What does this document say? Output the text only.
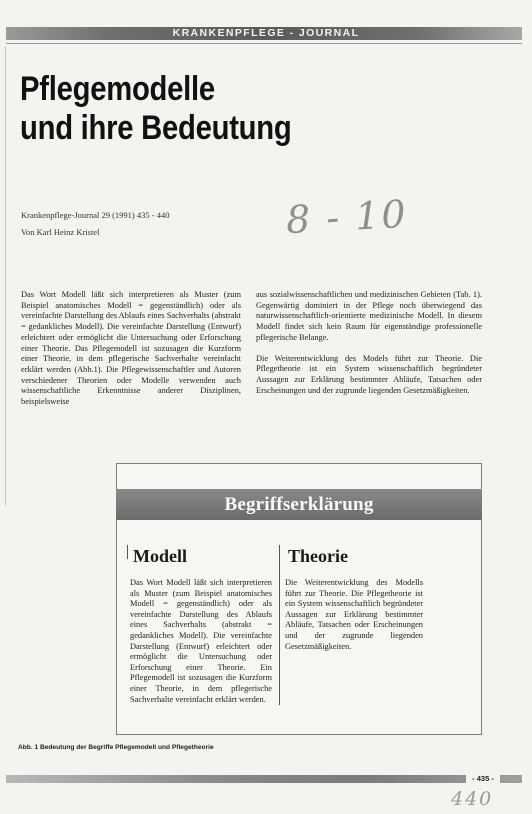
KRANKENPFLEGE - JOURNAL
Pflegemodelle
und ihre Bedeutung
Krankenpflege-Journal 29 (1991) 435 - 440
Von Karl Heinz Kristel	8 - 10

Das Wort Modell läßt sich interpretieren als Muster (zum Beispiel anatomisches Modell = gegenständlich) oder als vereinfachte Darstellung des Ablaufs eines Sachverhalts (abstrakt = gedankliches Modell). Die vereinfachte Darstellung (Entwurf) erleichtert oder ermöglicht die Untersuchung oder Erforschung einer Theorie. Das Pflegemodell ist sozusagen die Kurzform einer Theorie, in dem pflegerische Sachverhalte vereinfacht erklärt werden (Abb.1). Die Pflegewissenschaftler und Autoren verschiedener Theorien oder Modelle verwenden auch wissenschaftliche Erkenntnisse anderer Disziplinen, beispielsweise

aus sozialwissenschaftlichen und medizinischen Gebieten (Tab. 1). Gegenwärtig dominiert in der Pflege noch überwiegend das naturwissenschaftlich-orientierte medizinische Modell. In diesem Modell findet sich kein Raum für eigenständige professionelle pflegerische Belange.

Die Weiterentwicklung des Models führt zur Theorie. Die Pflegetheorie ist ein System wissenschaftlich begründeter Aussagen zur Erklärung bestimmter Abläufe, Tatsachen oder Erscheinungen und der zugrunde liegenden Gesetzmäßigkeiten.

Begriffserklärung
Modell	Theorie
Das Wort Modell läßt sich interpretieren als Muster (zum Beispiel anatomisches Modell = gegenständlich) oder als vereinfachte Darstellung des Ablaufs eines Sachverhalts (abstrakt = gedankliches Modell). Die vereinfachte Darstellung (Entwurf) erleichtert oder ermöglicht die Untersuchung oder Erforschung einer Theorie. Ein Pflegemodell ist sozusagen die Kurzform einer Theorie, in dem pflegerische Sachverhalte vereinfacht erklärt werden.
Die Weiterentwicklung des Modells führt zur Theorie. Die Pflegetheorie ist ein System wissenschaftlich begründeter Aussagen zur Erklärung bestimmter Abläufe, Tatsachen oder Erscheinungen und der zugrunde liegenden Gesetzmäßigkeiten.
Abb. 1 Bedeutung der Begriffe Pflegemodell und Pflegetheorie
- 435 -
440
